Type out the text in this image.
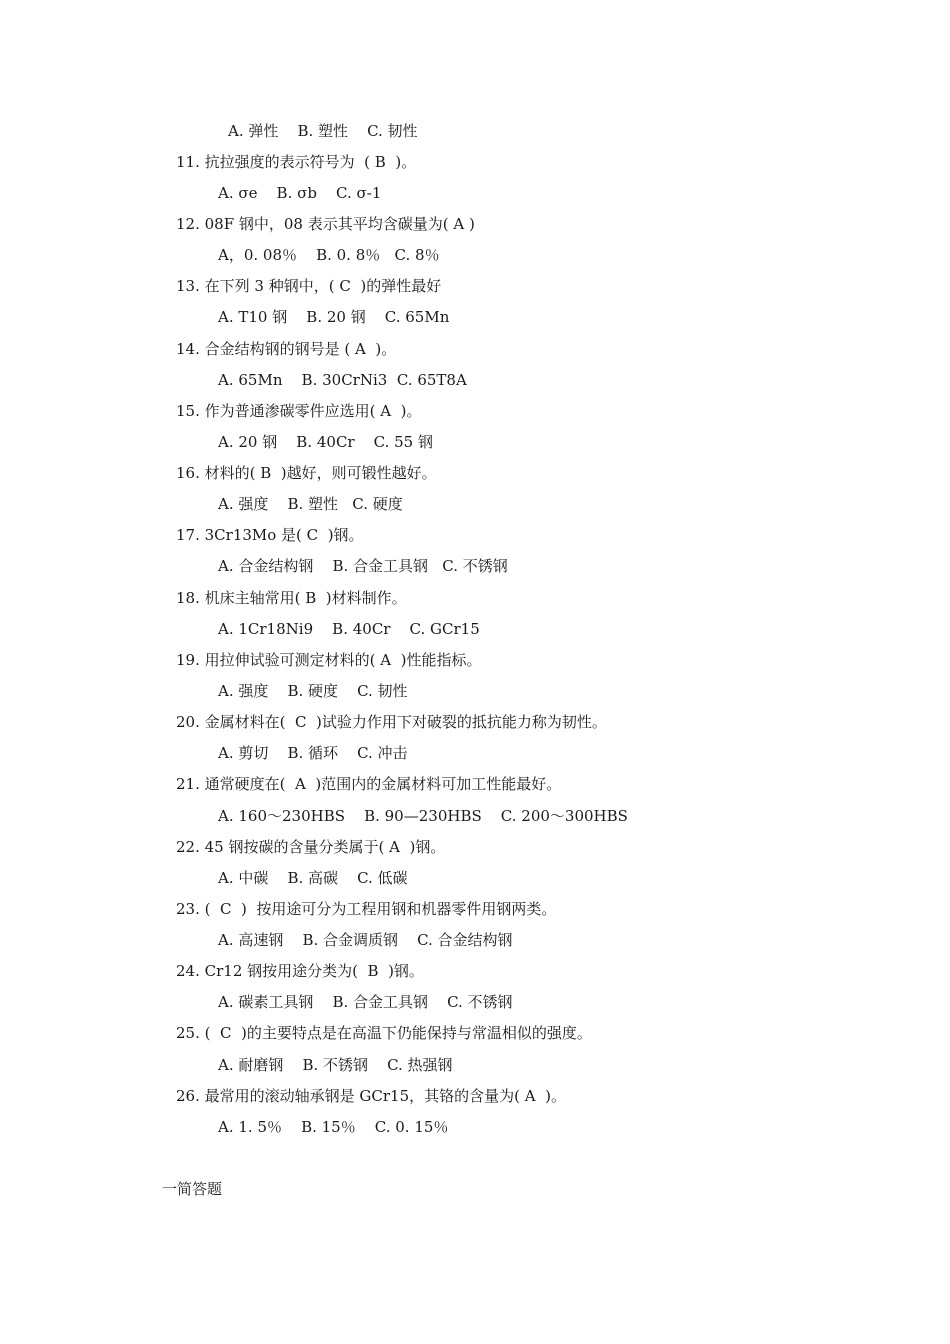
A. 弹性    B. 塑性    C. 韧性
11. 抗拉强度的表示符号为  ( B  )。
A. σe    B. σb    C. σ-1
12. 08F 钢中，08 表示其平均含碳量为( A )
A，0. 08％    B. 0. 8％   C. 8％
13. 在下列 3 种钢中，( C  )的弹性最好
A. T10 钢    B. 20 钢    C. 65Mn
14. 合金结构钢的钢号是 ( A  )。
A. 65Mn    B. 30CrNi3  C. 65T8A
15. 作为普通渗碳零件应选用( A  )。
A. 20 钢    B. 40Cr    C. 55 钢
16. 材料的( B  )越好，则可锻性越好。
A. 强度    B. 塑性   C. 硬度
17. 3Cr13Mo 是( C  )钢。
A. 合金结构钢    B. 合金工具钢   C. 不锈钢
18. 机床主轴常用( B  )材料制作。
A. 1Cr18Ni9    B. 40Cr    C. GCr15
19. 用拉伸试验可测定材料的( A  )性能指标。
A. 强度    B. 硬度    C. 韧性
20. 金属材料在(  C  )试验力作用下对破裂的抵抗能力称为韧性。
A. 剪切    B. 循环    C. 冲击
21. 通常硬度在(  A  )范围内的金属材料可加工性能最好。
A. 160～230HBS    B. 90—230HBS    C. 200～300HBS
22. 45 钢按碳的含量分类属于( A  )钢。
A. 中碳    B. 高碳    C. 低碳
23. (  C  )  按用途可分为工程用钢和机器零件用钢两类。
A. 高速钢    B. 合金调质钢    C. 合金结构钢
24. Cr12 钢按用途分类为(  B  )钢。
A. 碳素工具钢    B. 合金工具钢    C. 不锈钢
25. (  C  )的主要特点是在高温下仍能保持与常温相似的强度。
A. 耐磨钢    B. 不锈钢    C. 热强钢
26. 最常用的滚动轴承钢是 GCr15，其铬的含量为( A  )。
A. 1. 5％    B. 15％    C. 0. 15％
一简答题
